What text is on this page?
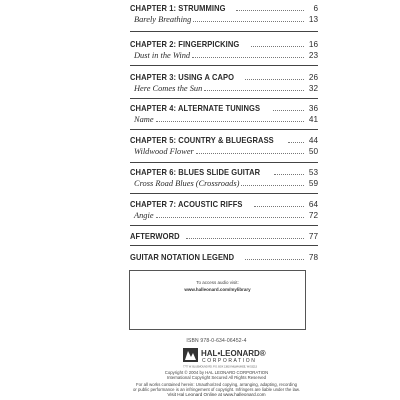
CHAPTER 1: STRUMMING	6
Barely Breathing	13
CHAPTER 2: FINGERPICKING	16
Dust in the Wind	23
CHAPTER 3: USING A CAPO	26
Here Comes the Sun	32
CHAPTER 4: ALTERNATE TUNINGS	36
Name	41
CHAPTER 5: COUNTRY & BLUEGRASS	44
Wildwood Flower	50
CHAPTER 6: BLUES SLIDE GUITAR	53
Cross Road Blues (Crossroads)	59
CHAPTER 7: ACOUSTIC RIFFS	64
Angie	72
AFTERWORD	77
GUITAR NOTATION LEGEND	78
To access audio visit:
www.halleonard.com/mylibrary
ISBN 978-0-634-06452-4
HAL•LEONARD®
CORPORATION
7777 W. BLUEMOUND RD. P.O. BOX 13819 MILWAUKEE, WI 53213
Copyright © 2004 by HAL LEONARD CORPORATION
International Copyright Secured All Rights Reserved
For all works contained herein: Unauthorized copying, arranging, adapting, recording
or public performance is an infringement of copyright. Infringers are liable under the law.
Visit Hal Leonard Online at www.halleonard.com
